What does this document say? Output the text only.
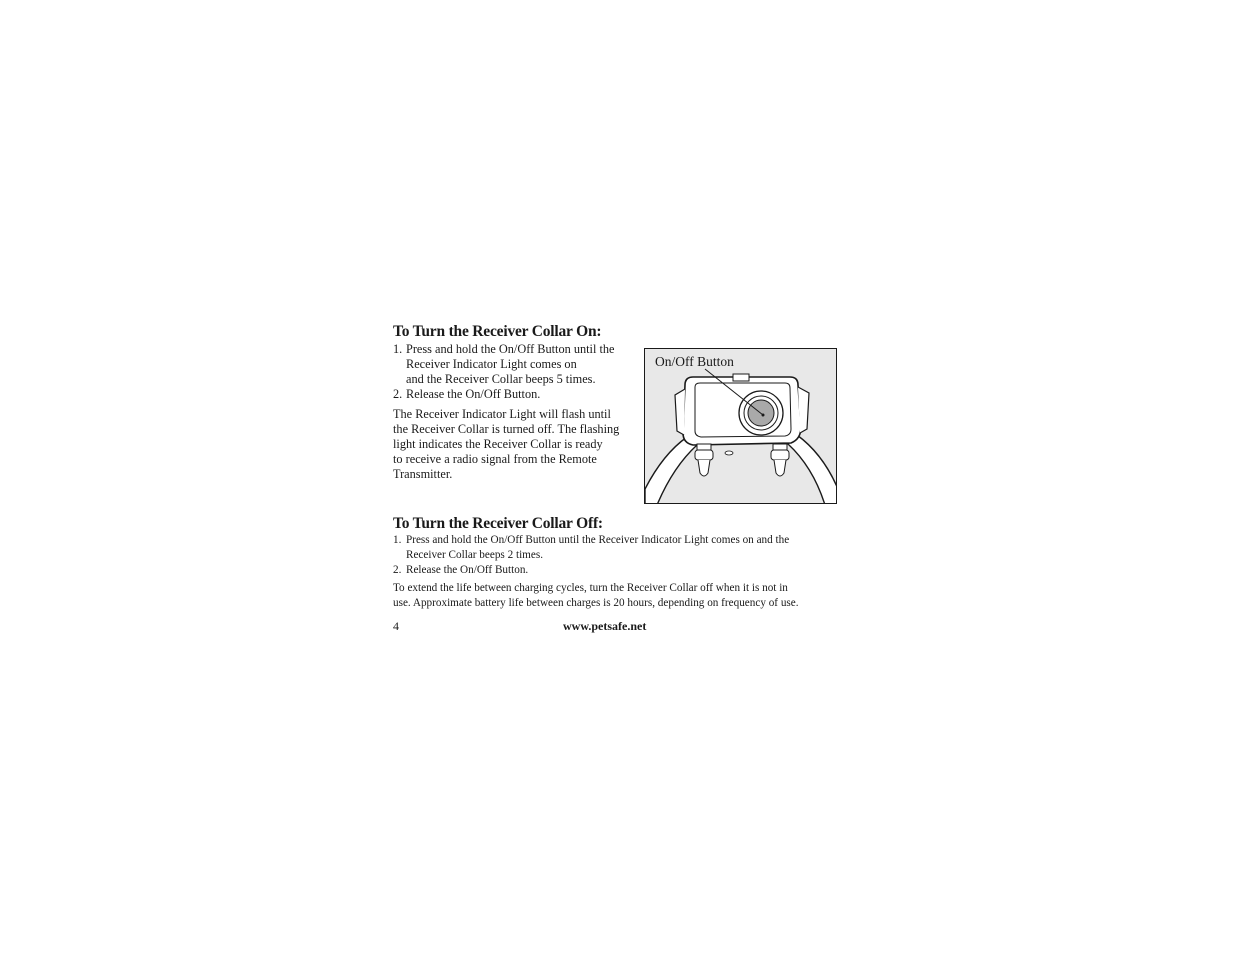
To Turn the Receiver Collar On:
1. Press and hold the On/Off Button until the
Receiver Indicator Light comes on
and the Receiver Collar beeps 5 times.
2. Release the On/Off Button.

The Receiver Indicator Light will flash until
the Receiver Collar is turned off. The flashing
light indicates the Receiver Collar is ready
to receive a radio signal from the Remote
Transmitter.

On/Off Button
To Turn the Receiver Collar Off:
1. Press and hold the On/Off Button until the Receiver Indicator Light comes on and the
Receiver Collar beeps 2 times.
2. Release the On/Off Button.

To extend the life between charging cycles, turn the Receiver Collar off when it is not in
use. Approximate battery life between charges is 20 hours, depending on frequency of use.

4	www.petsafe.net
